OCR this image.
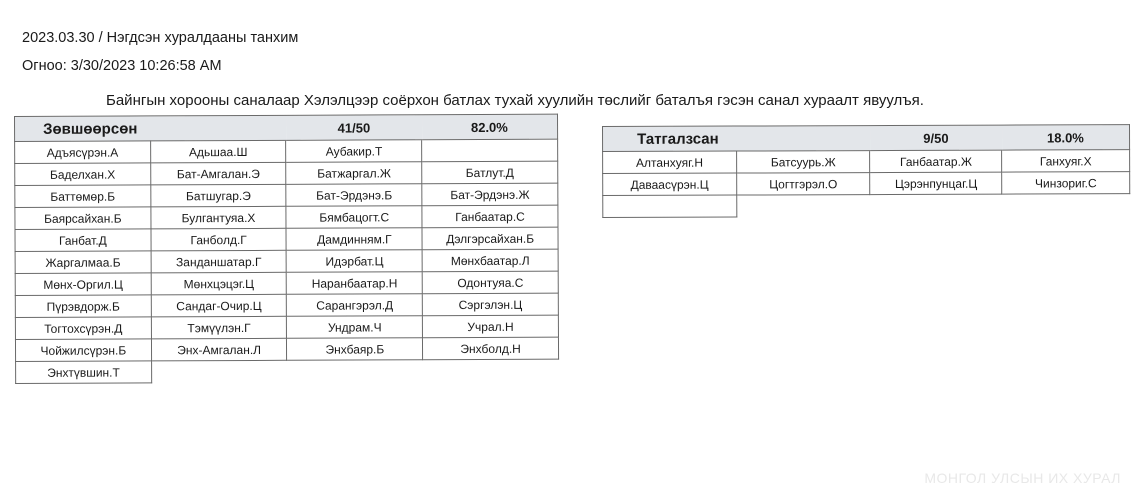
2023.03.30 / Нэгдсэн хуралдааны танхим
Огноо: 3/30/2023 10:26:58 AM
Байнгын хорооны саналаар Хэлэлцээр соёрхон батлах тухай хуулийн төслийг баталъя гэсэн санал хураалт явуулъя.
Зөвшөөрсөн		41/50	82.0%
Адъясүрэн.А	Адьшаа.Ш	Аубакир.Т	
Баделхан.Х	Бат-Амгалан.Э	Батжаргал.Ж	Батлут.Д
Баттөмөр.Б	Батшугар.Э	Бат-Эрдэнэ.Б	Бат-Эрдэнэ.Ж
Баярсайхан.Б	Булгантуяа.Х	Бямбацогт.С	Ганбаатар.С
Ганбат.Д	Ганболд.Г	Дамдинням.Г	Дэлгэрсайхан.Б
Жаргалмаа.Б	Занданшатар.Г	Идэрбат.Ц	Мөнхбаатар.Л
Мөнх-Оргил.Ц	Мөнхцэцэг.Ц	Наранбаатар.Н	Одонтуяа.С
Пүрэвдорж.Б	Сандаг-Очир.Ц	Сарангэрэл.Д	Сэргэлэн.Ц
Тогтохсүрэн.Д	Тэмүүлэн.Г	Ундрам.Ч	Учрал.Н
Чойжилсүрэн.Б	Энх-Амгалан.Л	Энхбаяр.Б	Энхболд.Н
Энхтүвшин.Т			
Татгалзсан		9/50	18.0%
Алтанхуяг.Н	Батсуурь.Ж	Ганбаатар.Ж	Ганхуяг.Х
Даваасүрэн.Ц	Цогтгэрэл.О	Цэрэнпунцаг.Ц	Чинзориг.С

МОНГОЛ УЛСЫН ИХ ХУРАЛ
